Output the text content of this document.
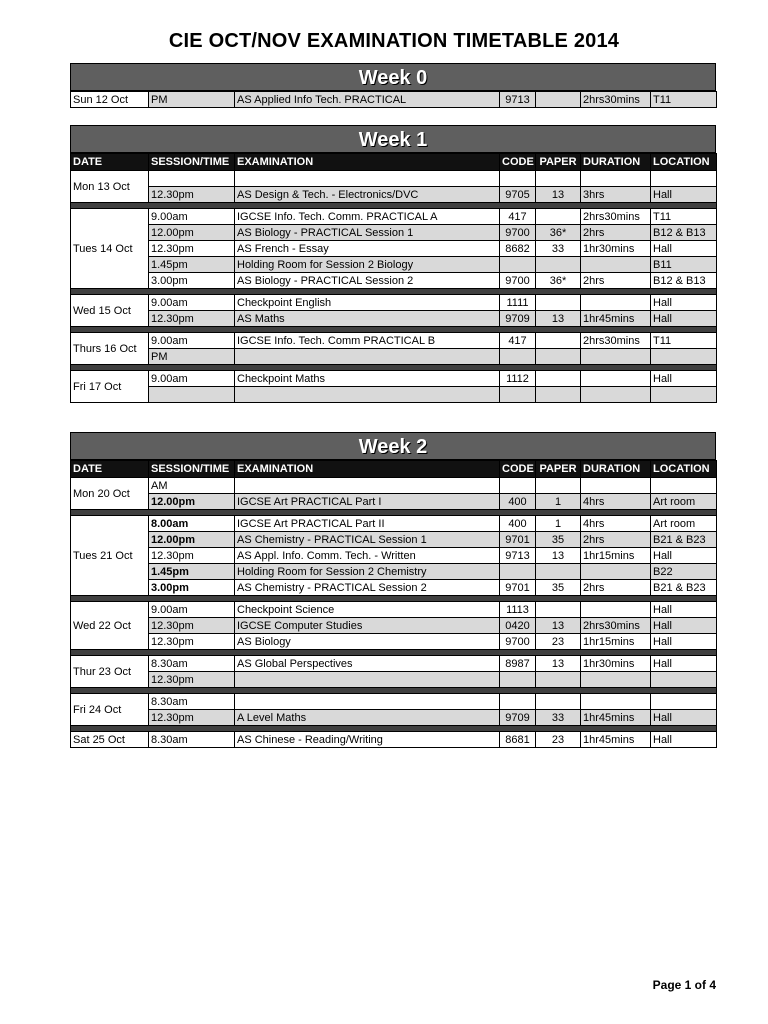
CIE OCT/NOV EXAMINATION TIMETABLE 2014
Week 0
Sun 12 Oct	PM	AS Applied Info Tech. PRACTICAL	9713		2hrs30mins	T11
Week 1
DATE	SESSION/TIME	EXAMINATION	CODE	PAPER	DURATION	LOCATION
Mon 13 Oct						
	12.30pm	AS Design & Tech. - Electronics/DVC	9705	13	3hrs	Hall

Tues 14 Oct	9.00am	IGCSE Info. Tech. Comm. PRACTICAL A	417		2hrs30mins	T11
	12.00pm	AS Biology - PRACTICAL Session 1	9700	36*	2hrs	B12 & B13
	12.30pm	AS French - Essay	8682	33	1hr30mins	Hall
	1.45pm	Holding Room for Session 2 Biology				B11
	3.00pm	AS Biology - PRACTICAL Session 2	9700	36*	2hrs	B12 & B13

Wed 15 Oct	9.00am	Checkpoint English	1111			Hall
	12.30pm	AS Maths	9709	13	1hr45mins	Hall

Thurs 16 Oct	9.00am	IGCSE Info. Tech. Comm PRACTICAL B	417		2hrs30mins	T11
	PM					

Fri 17 Oct	9.00am	Checkpoint Maths	1112			Hall

Week 2
DATE	SESSION/TIME	EXAMINATION	CODE	PAPER	DURATION	LOCATION
Mon 20 Oct	AM					
	12.00pm	IGCSE Art PRACTICAL Part I	400	1	4hrs	Art room

Tues 21 Oct	8.00am	IGCSE Art PRACTICAL Part II	400	1	4hrs	Art room
	12.00pm	AS Chemistry - PRACTICAL Session 1	9701	35	2hrs	B21 & B23
	12.30pm	AS Appl. Info. Comm. Tech. - Written	9713	13	1hr15mins	Hall
	1.45pm	Holding Room for Session 2 Chemistry				B22
	3.00pm	AS Chemistry - PRACTICAL Session 2	9701	35	2hrs	B21 & B23

Wed 22 Oct	9.00am	Checkpoint Science	1113			Hall
	12.30pm	IGCSE Computer Studies	0420	13	2hrs30mins	Hall
	12.30pm	AS Biology	9700	23	1hr15mins	Hall

Thur 23 Oct	8.30am	AS Global Perspectives	8987	13	1hr30mins	Hall
	12.30pm					

Fri 24 Oct	8.30am					
	12.30pm	A Level Maths	9709	33	1hr45mins	Hall

Sat 25 Oct	8.30am	AS Chinese - Reading/Writing	8681	23	1hr45mins	Hall
Page 1 of 4
